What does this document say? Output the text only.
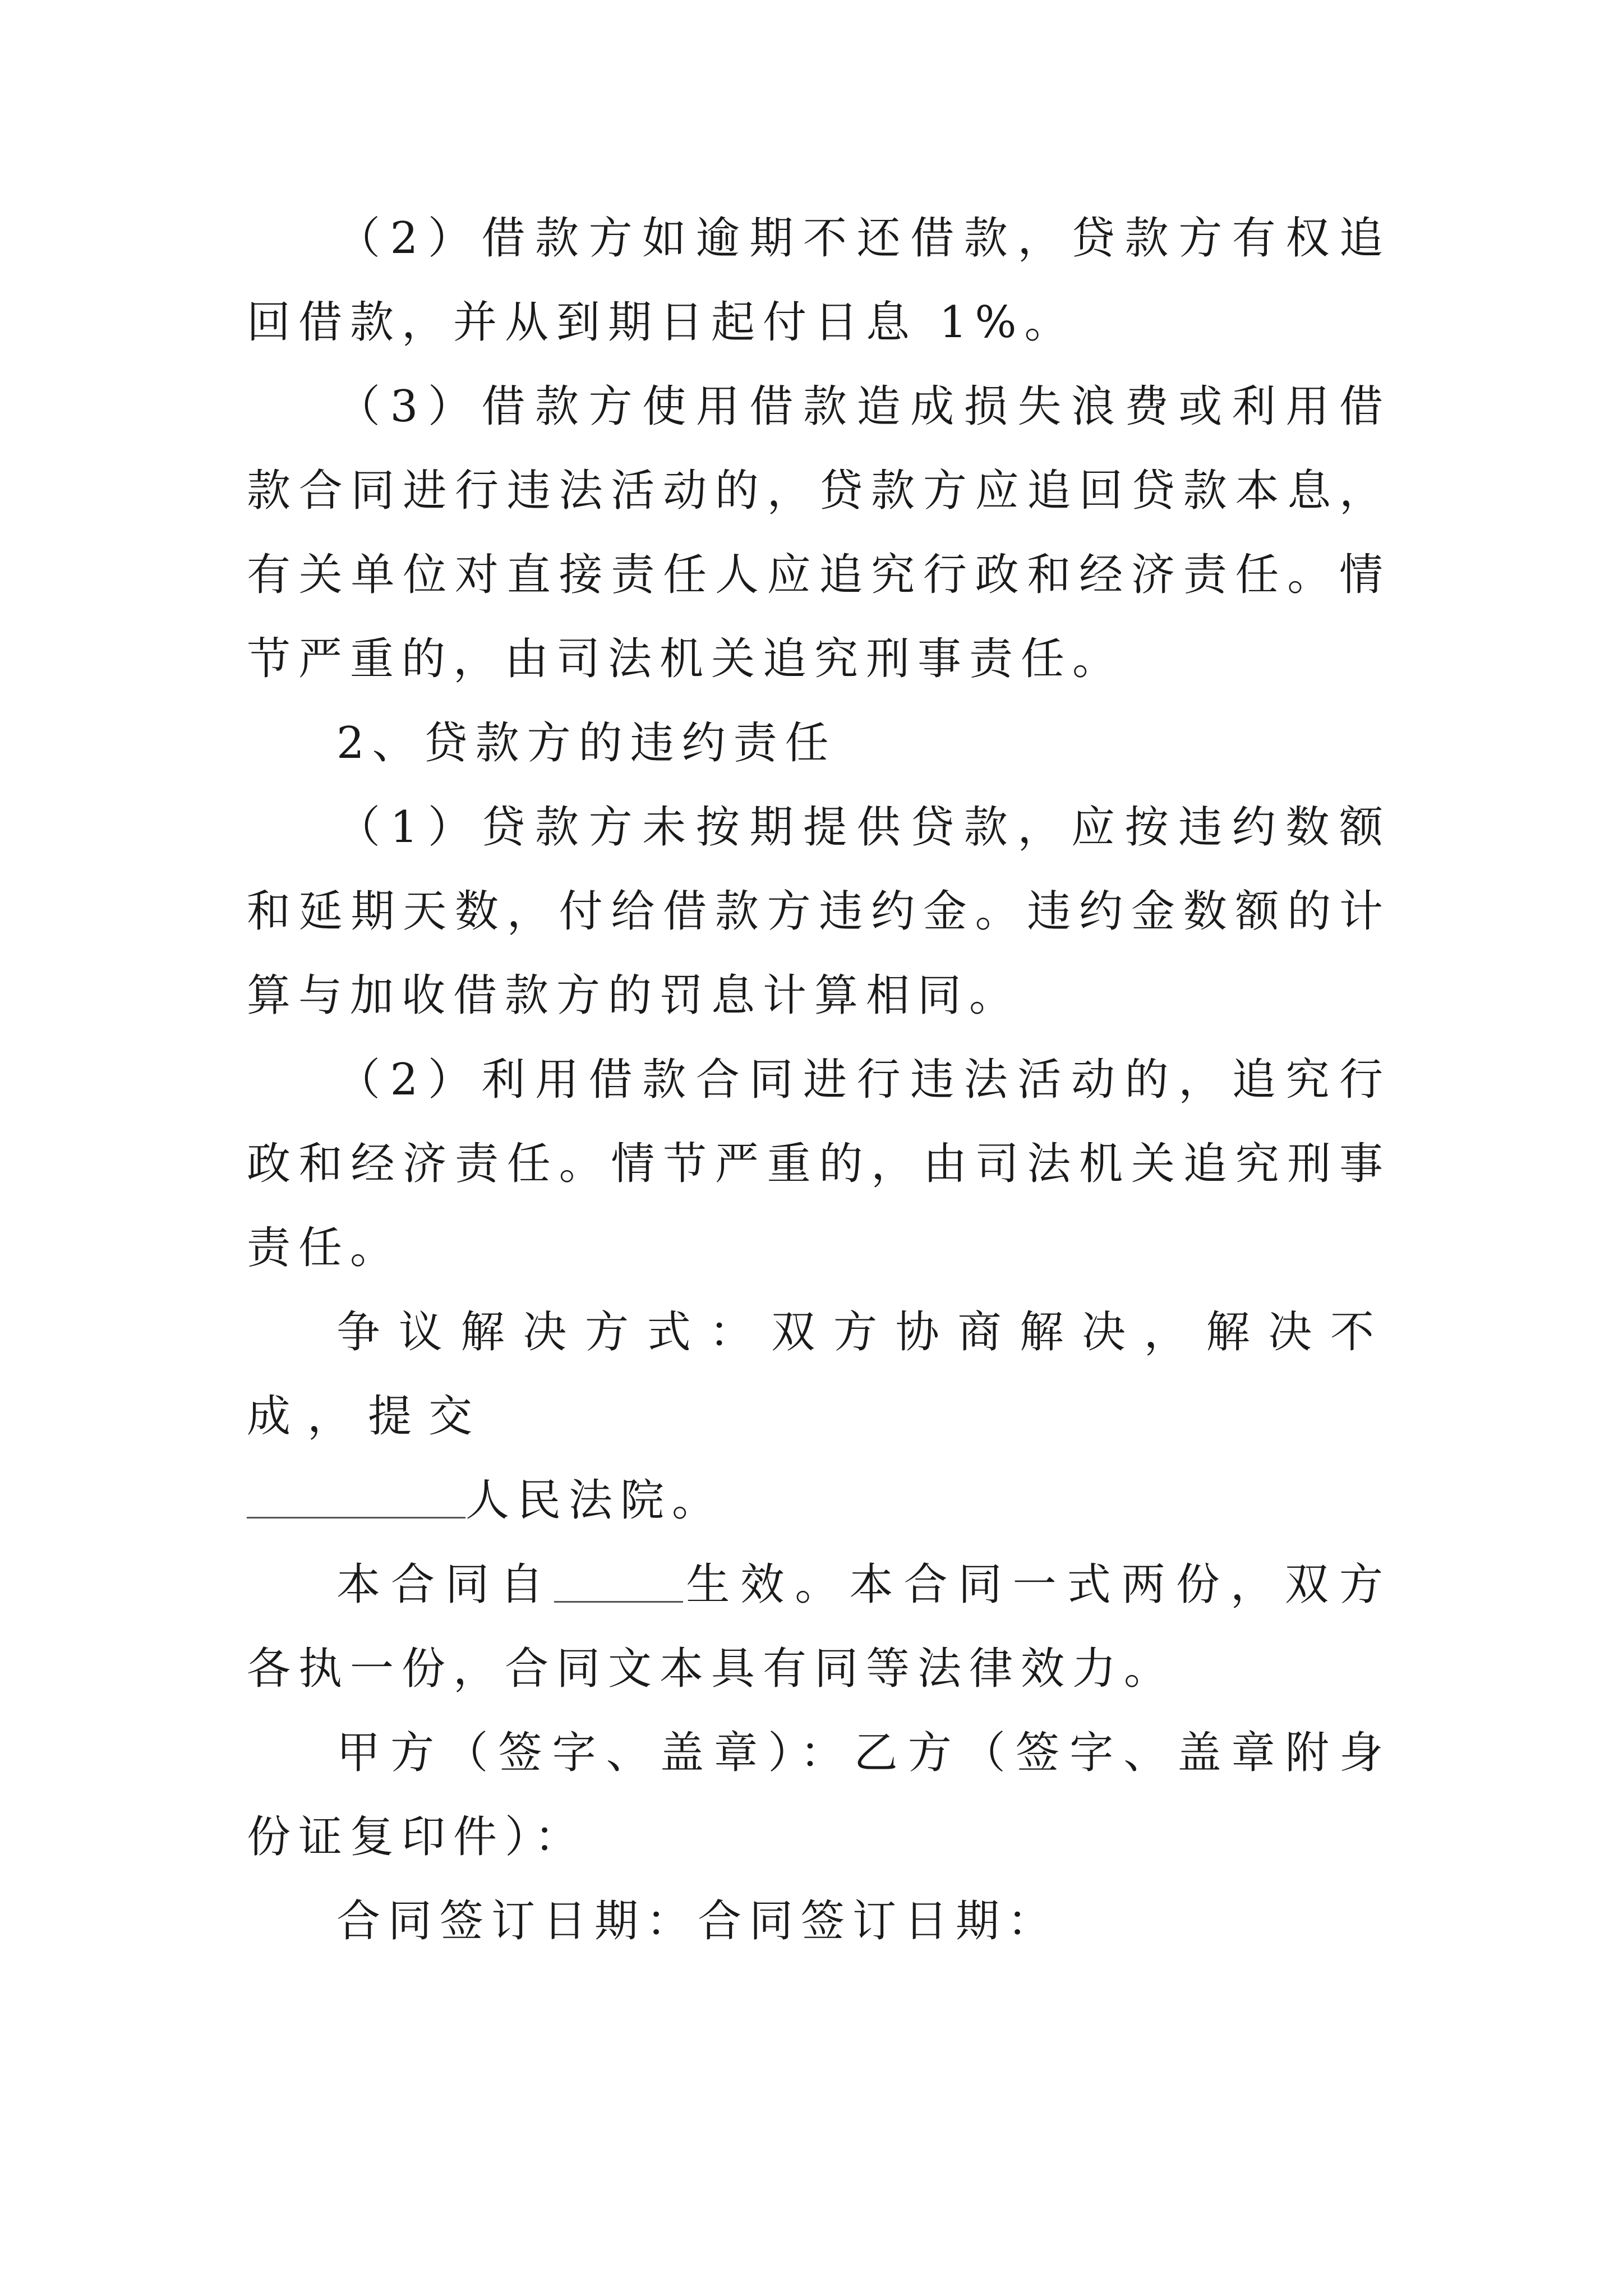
（2）借款方如逾期不还借款，贷款方有权追回借款，并从到期日起付日息 1%。

（3）借款方使用借款造成损失浪费或利用借款合同进行违法活动的，贷款方应追回贷款本息，有关单位对直接责任人应追究行政和经济责任。情节严重的，由司法机关追究刑事责任。

2、贷款方的违约责任

（1）贷款方未按期提供贷款，应按违约数额和延期天数，付给借款方违约金。违约金数额的计算与加收借款方的罚息计算相同。

（2）利用借款合同进行违法活动的，追究行政和经济责任。情节严重的，由司法机关追究刑事责任。

争议解决方式：双方协商解决，解决不成，提交

人民法院。

本合同自	生效。本合同一式两份，双方各执一份，合同文本具有同等法律效力。

甲方（签字、盖章）：乙方（签字、盖章附身份证复印件）：

合同签订日期：合同签订日期：
